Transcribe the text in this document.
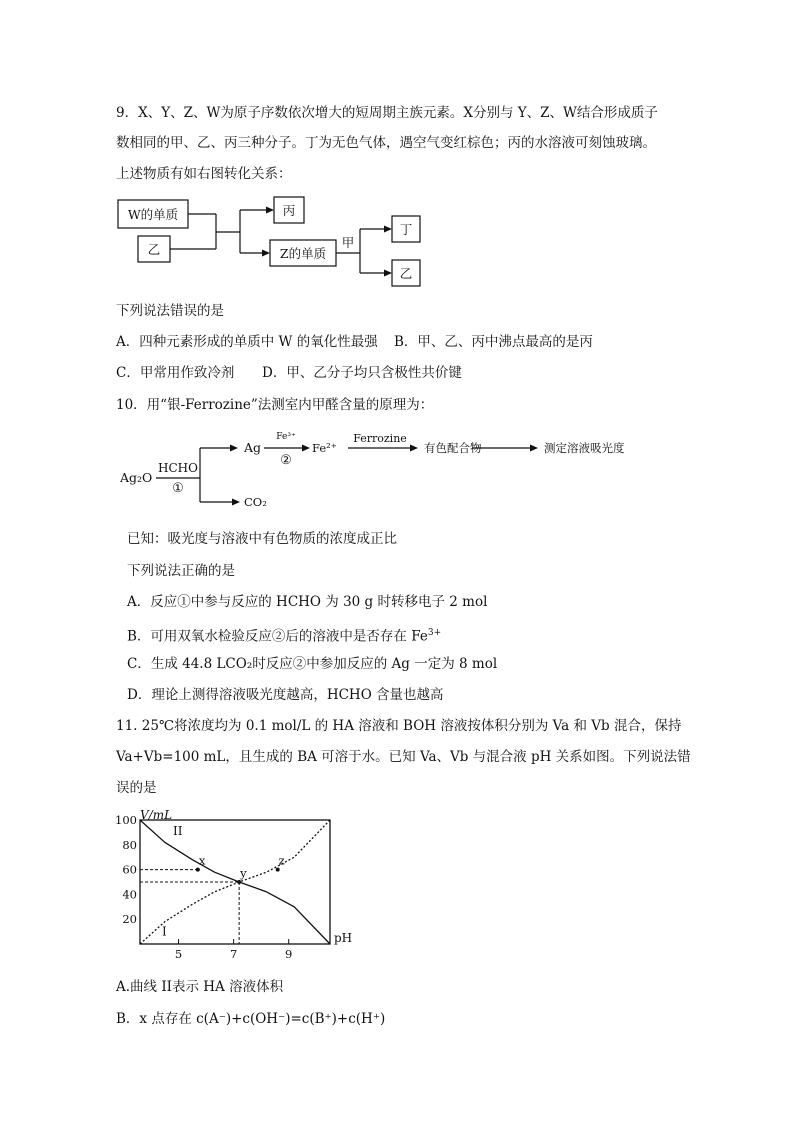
9．X、Y、Z、W为原子序数依次增大的短周期主族元素。X分别与 Y、Z、W结合形成质子
数相同的甲、乙、丙三种分子。丁为无色气体，遇空气变红棕色；丙的水溶液可刻蚀玻璃。
上述物质有如右图转化关系：
W的单质
乙
丙
Z的单质
甲
丁
乙
下列说法错误的是
A．四种元素形成的单质中 W 的氧化性最强 B．甲、乙、丙中沸点最高的是丙
C．甲常用作致冷剂 D．甲、乙分子均只含极性共价键
10．用“银-Ferrozine”法测室内甲醛含量的原理为：
Ag₂O
HCHO
①
Ag
Fe³⁺
②
Fe²⁺
Ferrozine
有色配合物	测定溶液吸光度
CO₂
已知：吸光度与溶液中有色物质的浓度成正比
下列说法正确的是
A．反应①中参与反应的 HCHO 为 30 g 时转移电子 2 mol
B．可用双氧水检验反应②后的溶液中是否存在 $Fe^{3+}$
C．生成 44.8 LCO₂时反应②中参加反应的 Ag 一定为 8 mol
D．理论上测得溶液吸光度越高，HCHO 含量也越高
11. 25℃将浓度均为 0.1 mol/L 的 HA 溶液和 BOH 溶液按体积分别为 Va 和 Vb 混合，保持
Va+Vb=100 mL，且生成的 BA 可溶于水。已知 Va、Vb 与混合液 pH 关系如图。下列说法错
误的是
V/mL
pH
100
80
60
40
20
5	7	9
II
I
x
y
z
A.曲线 II表示 HA 溶液体积
B．x 点存在 c(A⁻)+c(OH⁻)=c(B⁺)+c(H⁺)
